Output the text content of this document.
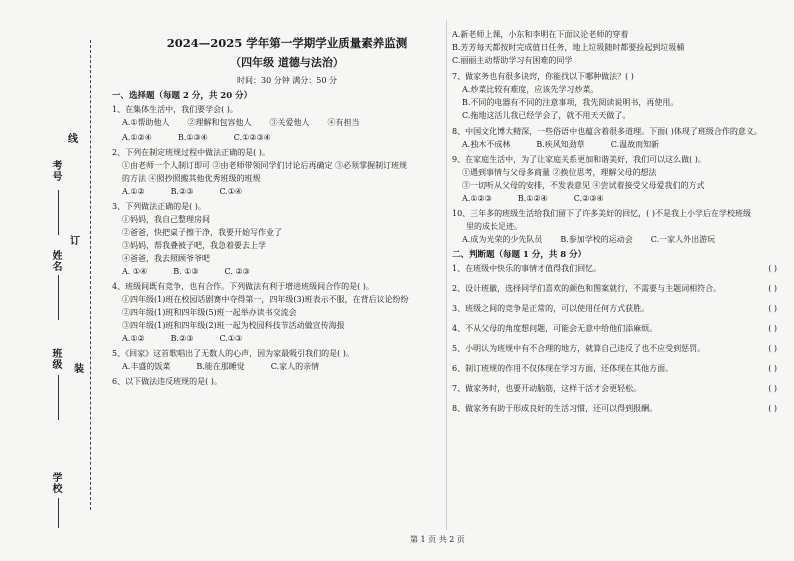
考号
姓名
班级
学校
线
订
装
2024—2025 学年第一学期学业质量素养监测
（四年级 道德与法治）
时间：30 分钟 满分：50 分
一、选择题（每题 2 分，共 20 分）
1、在集体生活中，我们要学会( )。
A.①帮助他人 ②理解和包容他人 ③关爱他人 ④有担当
A.①②④	B.①③④	C.①②③④
2、下列在制定班规过程中做法正确的是( )。
①由老师一个人制订即可 ②由老师带领同学们讨论后再确定 ③必须掌握制订班规
的方法 ④照抄照搬其他优秀班级的班规
A.①②	B.②③	C.①④
3、下列做法正确的是( )。
①妈妈，我自己整理房间
②爸爸，快把桌子擦干净，我要开始写作业了
③妈妈，帮我叠被子吧，我急着要去上学
④爸爸，我去照顾爷爷吧
A. ①④	B. ①③	C. ②③
4、班级间既有竞争，也有合作。下列做法有利于增进班级间合作的是( )。
①四年级(1)班在校园话剧赛中夺得第一，四年级(3)班表示不服，在背后议论纷纷
②四年级(1)班和四年级(5)班一起举办读书交流会
③四年级(1)班和四年级(2)班一起为校园科技节活动做宣传海报
A.①②	B.②③	C.①③
5、《回家》这首歌唱出了无数人的心声，因为家最吸引我们的是( )。
A.丰盛的饭菜	B.能在那睡觉	C.家人的亲情
6、以下做法违反班规的是( )。
A.新老师上课，小东和李明在下面议论老师的穿着
B.芳芳每天都按时完成值日任务，地上垃圾随时都要捡起到垃圾桶
C.丽丽主动帮助学习有困难的同学
7、做家务也有很多诀窍，你能找以下哪种做法？( )
A.炒菜比较有难度，应该先学习炒菜。
B.不同的电器有不同的注意事项，我先阅读说明书，再使用。
C.拖地这活儿我已经学会了，就不用天天做了。
8、中国文化博大精深，一些俗语中也蕴含着很多道理。下面( )体现了班级合作的意义。
A.独木不成林	B.疾风知劲草	C.温故而知新
9、在家庭生活中，为了让家庭关系更加和谐美好，我们可以这么做( )。
①遇到事情与父母多商量 ②换位思考，理解父母的想法
③一切听从父母的安排，不发表意见 ④尝试着接受父母爱我们的方式
A.①②③	B.①②④	C.②③④
10、三年多的班级生活给我们留下了许多美好的回忆，( )不是我上小学后在学校班级
里的成长足迹。
A.成为光荣的少先队员 B.参加学校的运动会 C.一家人外出游玩
二、判断题（每题 1 分，共 8 分）
1、在班级中快乐的事情才值得我们回忆。	( )
2、设计班徽，选择同学们喜欢的颜色和图案就行，不需要与主题词相符合。	( )
3、班级之间的竞争是正常的，可以使用任何方式获胜。	( )
4、不从父母的角度想问题，可能会无意中给他们添麻烦。	( )
5、小明认为班规中有不合理的地方，就算自己违反了也不应受到惩罚。	( )
6、制订班规的作用不仅体现在学习方面，还体现在其他方面。	( )
7、做家务时，也要开动脑筋，这样干活才会更轻松。	( )
8、做家务有助于形成良好的生活习惯，还可以得到报酬。	( )
第 1 页 共 2 页
